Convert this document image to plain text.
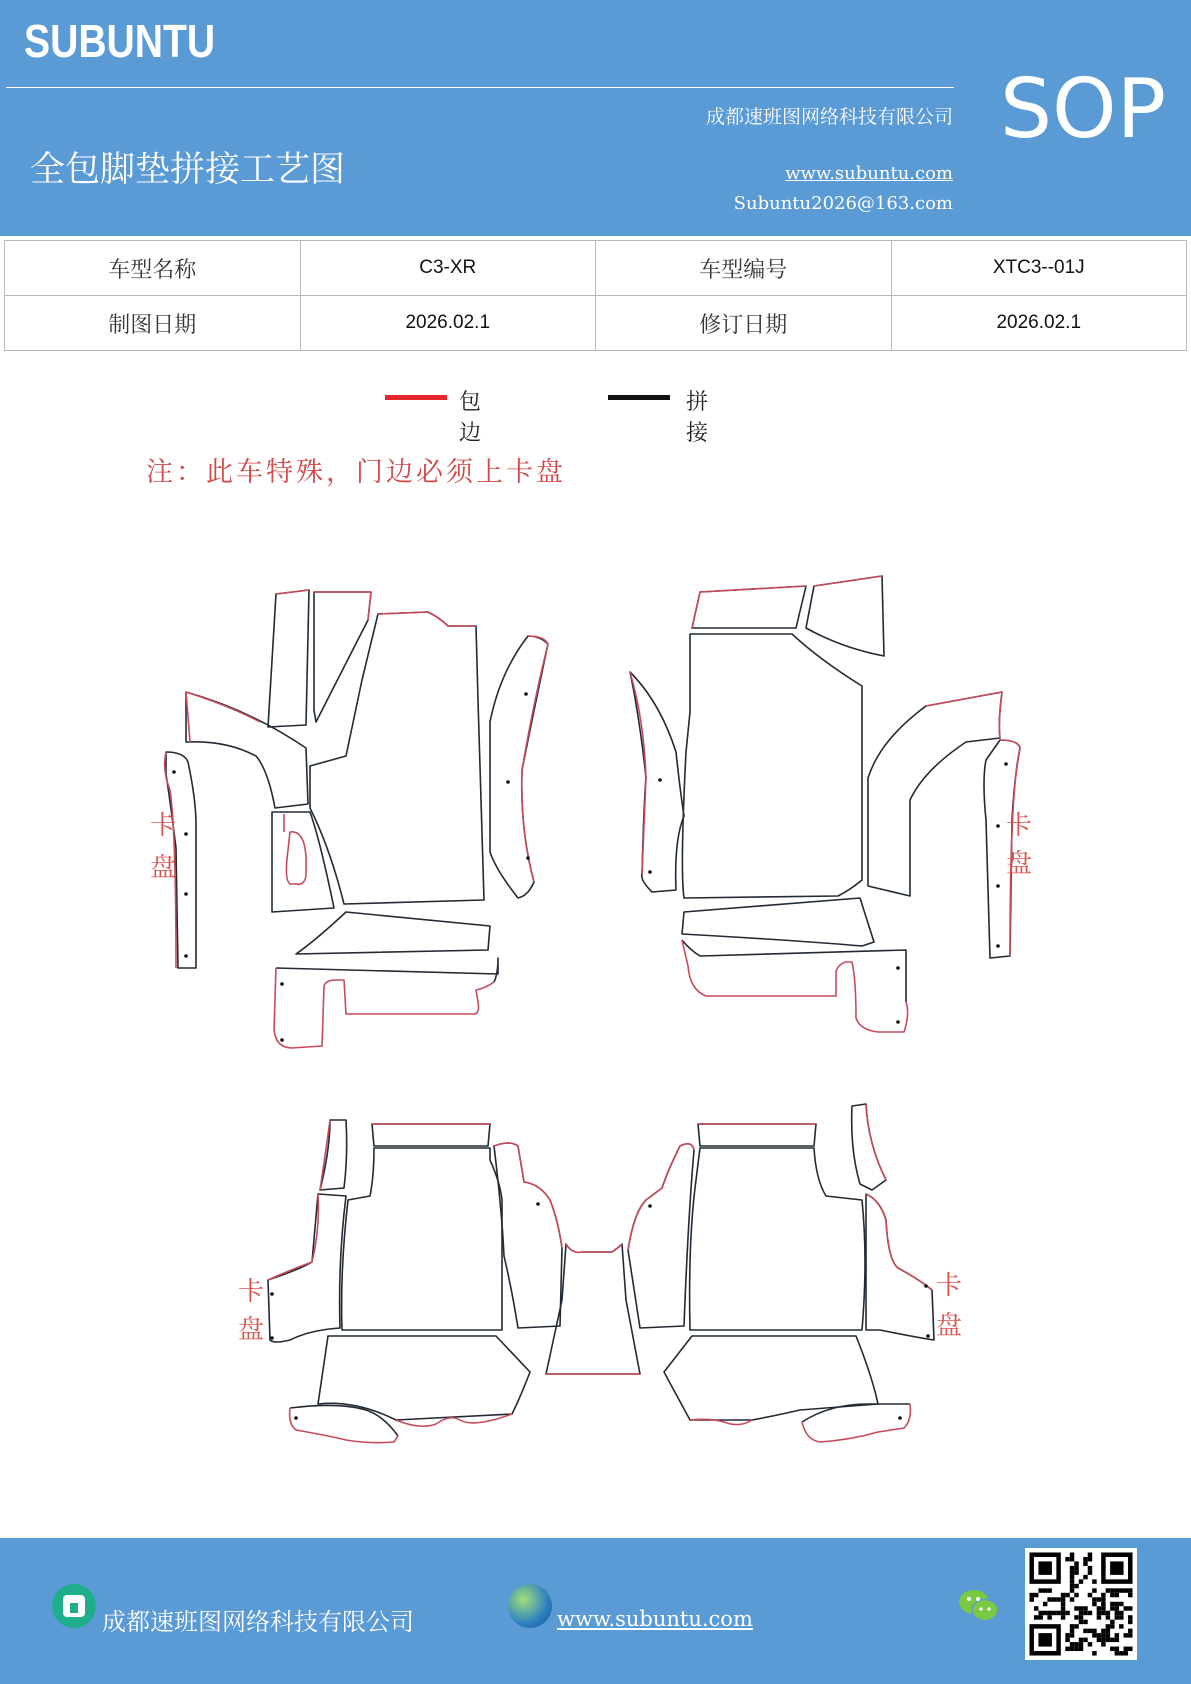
SUBUNTU
SOP
成都速班图网络科技有限公司
全包脚垫拼接工艺图	www.subuntu.com
Subuntu2026@163.com
车型名称	C3-XR	车型编号	XTC3--01J
制图日期	2026.02.1	修订日期	2026.02.1
包边
拼接
注：此车特殊，门边必须上卡盘
卡
盘
卡
盘
卡
盘
卡
盘
成都速班图网络科技有限公司	www.subuntu.com
